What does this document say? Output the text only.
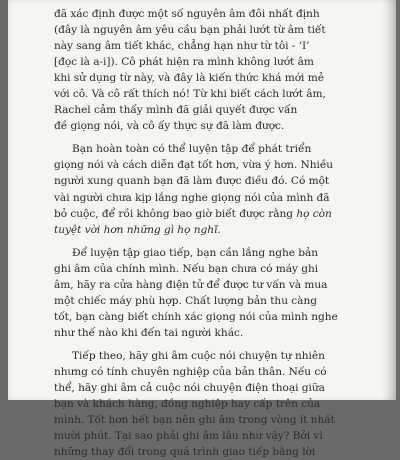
đã xác định được một số nguyên âm đôi nhất định
(đây là nguyên âm yêu cầu bạn phải lướt từ âm tiết
này sang âm tiết khác, chẳng hạn như từ tôi - ‘I’
[đọc là a-i]). Cô phát hiện ra mình không lướt âm
khi sử dụng từ này, và đây là kiến thức khá mới mẻ
với cô. Và cô rất thích nó! Từ khi biết cách lướt âm,
Rachel cảm thấy mình đã giải quyết được vấn
đề giọng nói, và cô ấy thực sự đã làm được.

Bạn hoàn toàn có thể luyện tập để phát triển
giọng nói và cách diễn đạt tốt hơn, vừa ý hơn. Nhiều
người xung quanh bạn đã làm được điều đó. Có một
vài người chưa kịp lắng nghe giọng nói của mình đã
bỏ cuộc, để rồi không bao giờ biết được rằng họ còn
tuyệt vời hơn những gì họ nghĩ.

Để luyện tập giao tiếp, bạn cần lắng nghe bản
ghi âm của chính mình. Nếu bạn chưa có máy ghi
âm, hãy ra cửa hàng điện tử để được tư vấn và mua
một chiếc máy phù hợp. Chất lượng bản thu càng
tốt, bạn càng biết chính xác giọng nói của mình nghe
như thế nào khi đến tai người khác.

Tiếp theo, hãy ghi âm cuộc nói chuyện tự nhiên
nhưng có tính chuyên nghiệp của bản thân. Nếu có
thể, hãy ghi âm cả cuộc nói chuyện điện thoại giữa
bạn và khách hàng, đồng nghiệp hay cấp trên của
mình. Tốt hơn hết bạn nên ghi âm trong vòng ít nhất
mười phút. Tại sao phải ghi âm lâu như vậy? Bởi vì
những thay đổi trong quá trình giao tiếp bằng lời
